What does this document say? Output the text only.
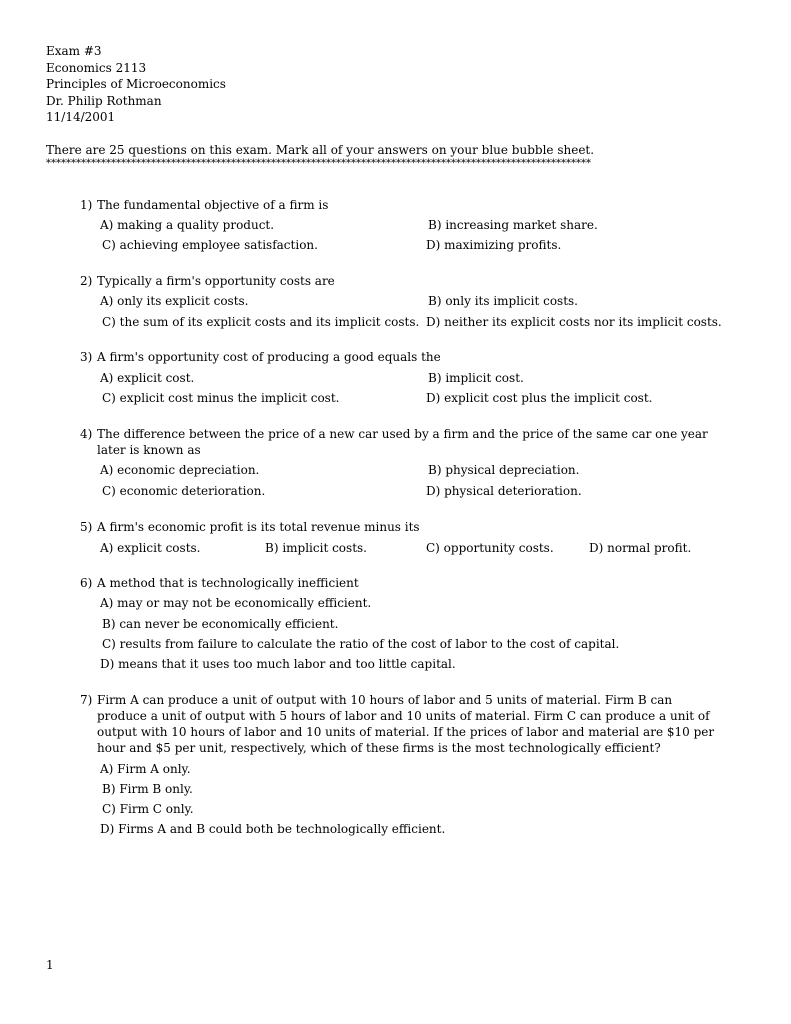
Exam #3
Economics 2113
Principles of Microeconomics
Dr. Philip Rothman
11/14/2001
There are 25 questions on this exam. Mark all of your answers on your blue bubble sheet.
*************************************************************************************************************
1) The fundamental objective of a firm is
A) making a quality product.	B) increasing market share.
C) achieving employee satisfaction.	D) maximizing profits.
2) Typically a firm's opportunity costs are
A) only its explicit costs.	B) only its implicit costs.
C) the sum of its explicit costs and its implicit costs. D) neither its explicit costs nor its implicit costs.
3) A firm's opportunity cost of producing a good equals the
A) explicit cost.	B) implicit cost.
C) explicit cost minus the implicit cost.	D) explicit cost plus the implicit cost.
4) The difference between the price of a new car used by a firm and the price of the same car one year later is known as
A) economic depreciation.	B) physical depreciation.
C) economic deterioration.	D) physical deterioration.
5) A firm's economic profit is its total revenue minus its
A) explicit costs.	B) implicit costs.	C) opportunity costs.	D) normal profit.
6) A method that is technologically inefficient
A) may or may not be economically efficient.
B) can never be economically efficient.
C) results from failure to calculate the ratio of the cost of labor to the cost of capital.
D) means that it uses too much labor and too little capital.
7) Firm A can produce a unit of output with 10 hours of labor and 5 units of material. Firm B can produce a unit of output with 5 hours of labor and 10 units of material. Firm C can produce a unit of output with 10 hours of labor and 10 units of material. If the prices of labor and material are $10 per hour and $5 per unit, respectively, which of these firms is the most technologically efficient?
A) Firm A only.
B) Firm B only.
C) Firm C only.
D) Firms A and B could both be technologically efficient.
1
